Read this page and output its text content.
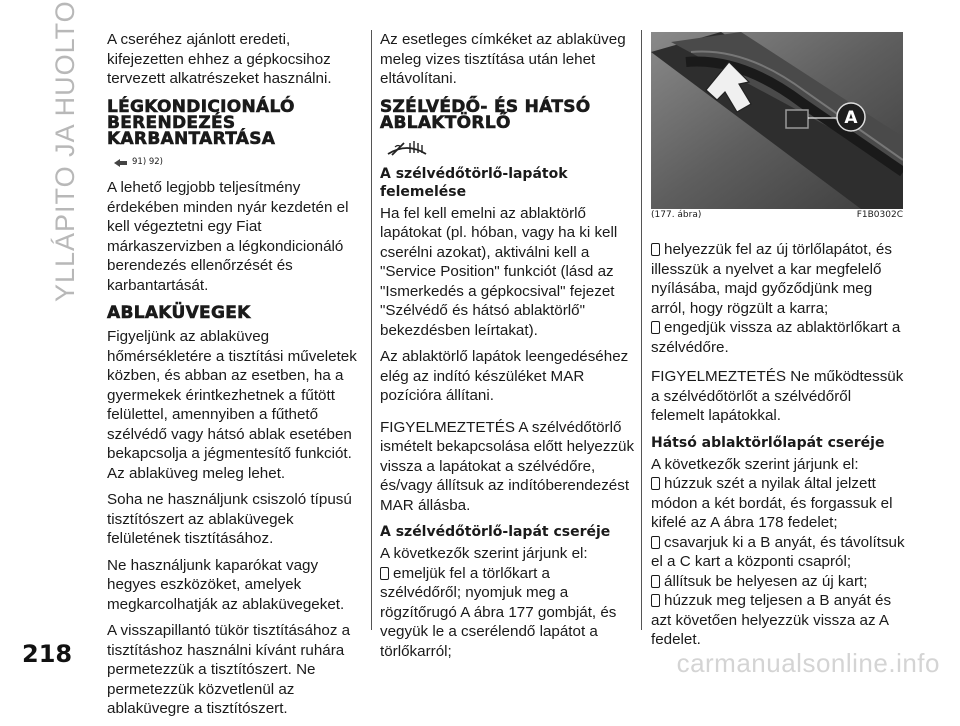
YLLÁPITO JA HUOLTO A cseréhez ajánlott eredeti, kifejezetten ehhez a gépkocsihoz tervezett alkatrészeket használni.

LÉGKONDICIONÁLÓ BERENDEZÉS KARBANTARTÁSA
91) 92)

A lehető legjobb teljesítmény érdekében minden nyár kezdetén el kell végeztetni egy Fiat márkaszervizben a légkondicionáló berendezés ellenőrzését és karbantartását.

ABLAKÜVEGEK

Figyeljünk az ablaküveg hőmérsékletére a tisztítási műveletek közben, és abban az esetben, ha a gyermekek érintkezhetnek a fűtött felülettel, amennyiben a fűthető szélvédő vagy hátsó ablak esetében bekapcsolja a jégmentesítő funkciót. Az ablaküveg meleg lehet.

Soha ne használjunk csiszoló típusú tisztítószert az ablaküvegek felületének tisztításához.

Ne használjunk kaparókat vagy hegyes eszközöket, amelyek megkarcolhatják az ablaküvegeket.

A visszapillantó tükör tisztításához a tisztításhoz használni kívánt ruhára permetezzük a tisztítószert. Ne permetezzük közvetlenül az ablaküvegre a tisztítószert.

Az esetleges címkéket az ablaküveg meleg vizes tisztítása után lehet eltávolítani.

SZÉLVÉDŐ- ÉS HÁTSÓ ABLAKTÖRLŐ
A szélvédőtörlő-lapátok felemelése

Ha fel kell emelni az ablaktörlő lapátokat (pl. hóban, vagy ha ki kell cserélni azokat), aktiválni kell a "Service Position" funkciót (lásd az "Ismerkedés a gépkocsival" fejezet "Szélvédő és hátsó ablaktörlő" bekezdésben leírtakat).

Az ablaktörlő lapátok leengedéséhez elég az indító készüléket MAR pozícióra állítani.

FIGYELMEZTETÉS A szélvédőtörlő ismételt bekapcsolása előtt helyezzük vissza a lapátokat a szélvédőre, és/vagy állítsuk az indítóberendezést MAR állásba.

A szélvédőtörlő-lapát cseréje

A következők szerint járjunk el:

emeljük fel a törlőkart a szélvédőről; nyomjuk meg a rögzítőrugó A ábra 177 gombját, és vegyük le a cserélendő lapátot a törlőkarról;

A
(177. ábra)	F1B0302C

helyezzük fel az új törlőlapátot, és illesszük a nyelvet a kar megfelelő nyílásába, majd győződjünk meg arról, hogy rögzült a karra;

engedjük vissza az ablaktörlőkart a szélvédőre.

FIGYELMEZTETÉS Ne működtessük a szélvédőtörlőt a szélvédőről felemelt lapátokkal.

Hátsó ablaktörlőlapát cseréje

A következők szerint járjunk el:

húzzuk szét a nyilak által jelzett módon a két bordát, és forgassuk el kifelé az A ábra 178 fedelet;

csavarjuk ki a B anyát, és távolítsuk el a C kart a központi csapról;

állítsuk be helyesen az új kart;

húzzuk meg teljesen a B anyát és azt követően helyezzük vissza az A fedelet.

218	carmanualsonline.info
